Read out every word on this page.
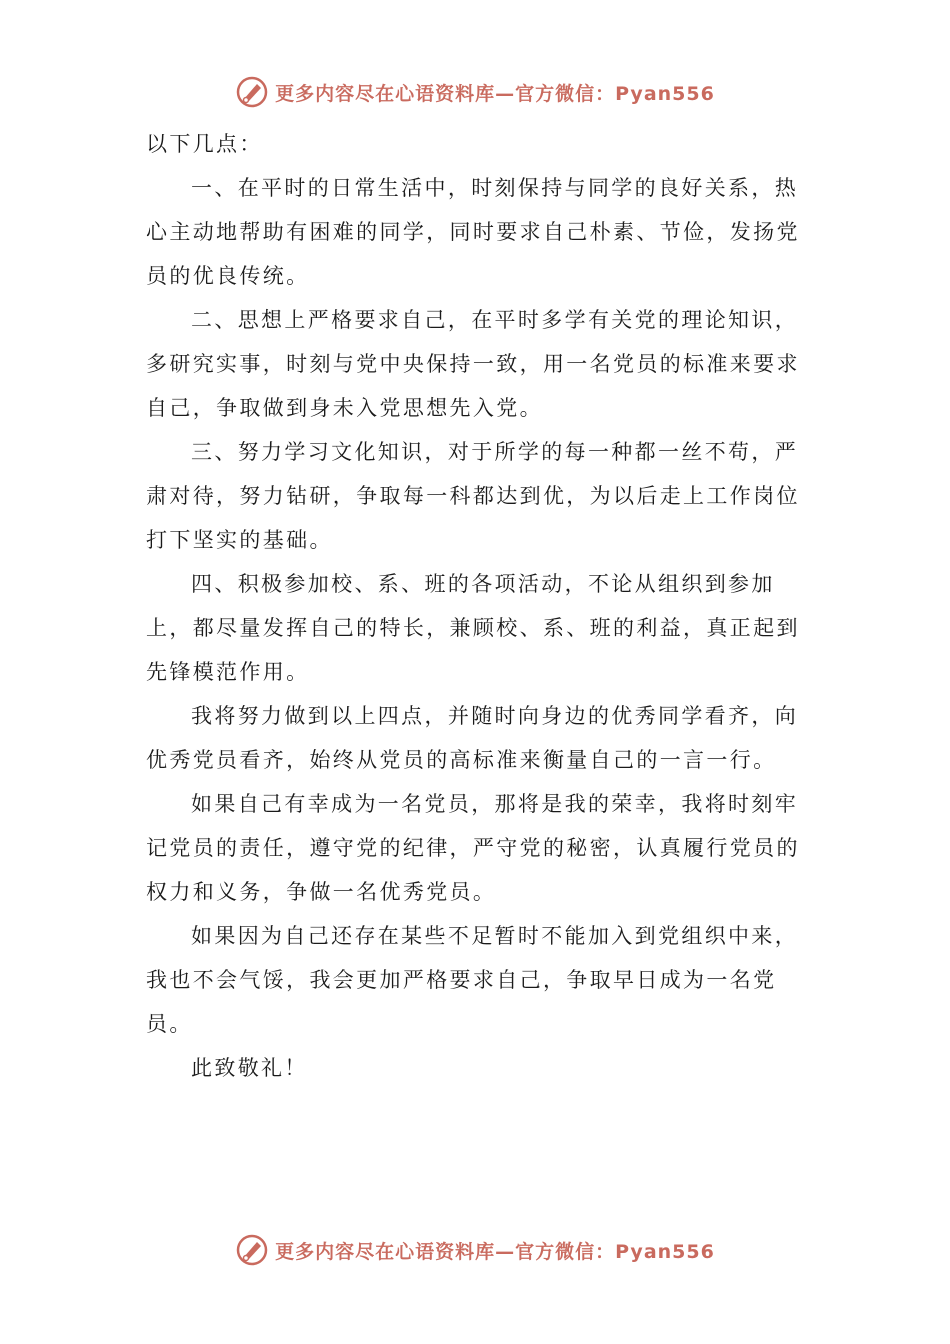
更多内容尽在心语资料库—官方微信：Pyan556

以下几点：

一、在平时的日常生活中，时刻保持与同学的良好关系，热心主动地帮助有困难的同学，同时要求自己朴素、节俭，发扬党员的优良传统。

二、思想上严格要求自己，在平时多学有关党的理论知识，多研究实事，时刻与党中央保持一致，用一名党员的标准来要求自己，争取做到身未入党思想先入党。

三、努力学习文化知识，对于所学的每一种都一丝不苟，严肃对待，努力钻研，争取每一科都达到优，为以后走上工作岗位打下坚实的基础。

四、积极参加校、系、班的各项活动，不论从组织到参加上，都尽量发挥自己的特长，兼顾校、系、班的利益，真正起到先锋模范作用。

我将努力做到以上四点，并随时向身边的优秀同学看齐，向优秀党员看齐，始终从党员的高标准来衡量自己的一言一行。

如果自己有幸成为一名党员，那将是我的荣幸，我将时刻牢记党员的责任，遵守党的纪律，严守党的秘密，认真履行党员的权力和义务，争做一名优秀党员。

如果因为自己还存在某些不足暂时不能加入到党组织中来，我也不会气馁，我会更加严格要求自己，争取早日成为一名党员。

此致敬礼！

更多内容尽在心语资料库—官方微信：Pyan556
